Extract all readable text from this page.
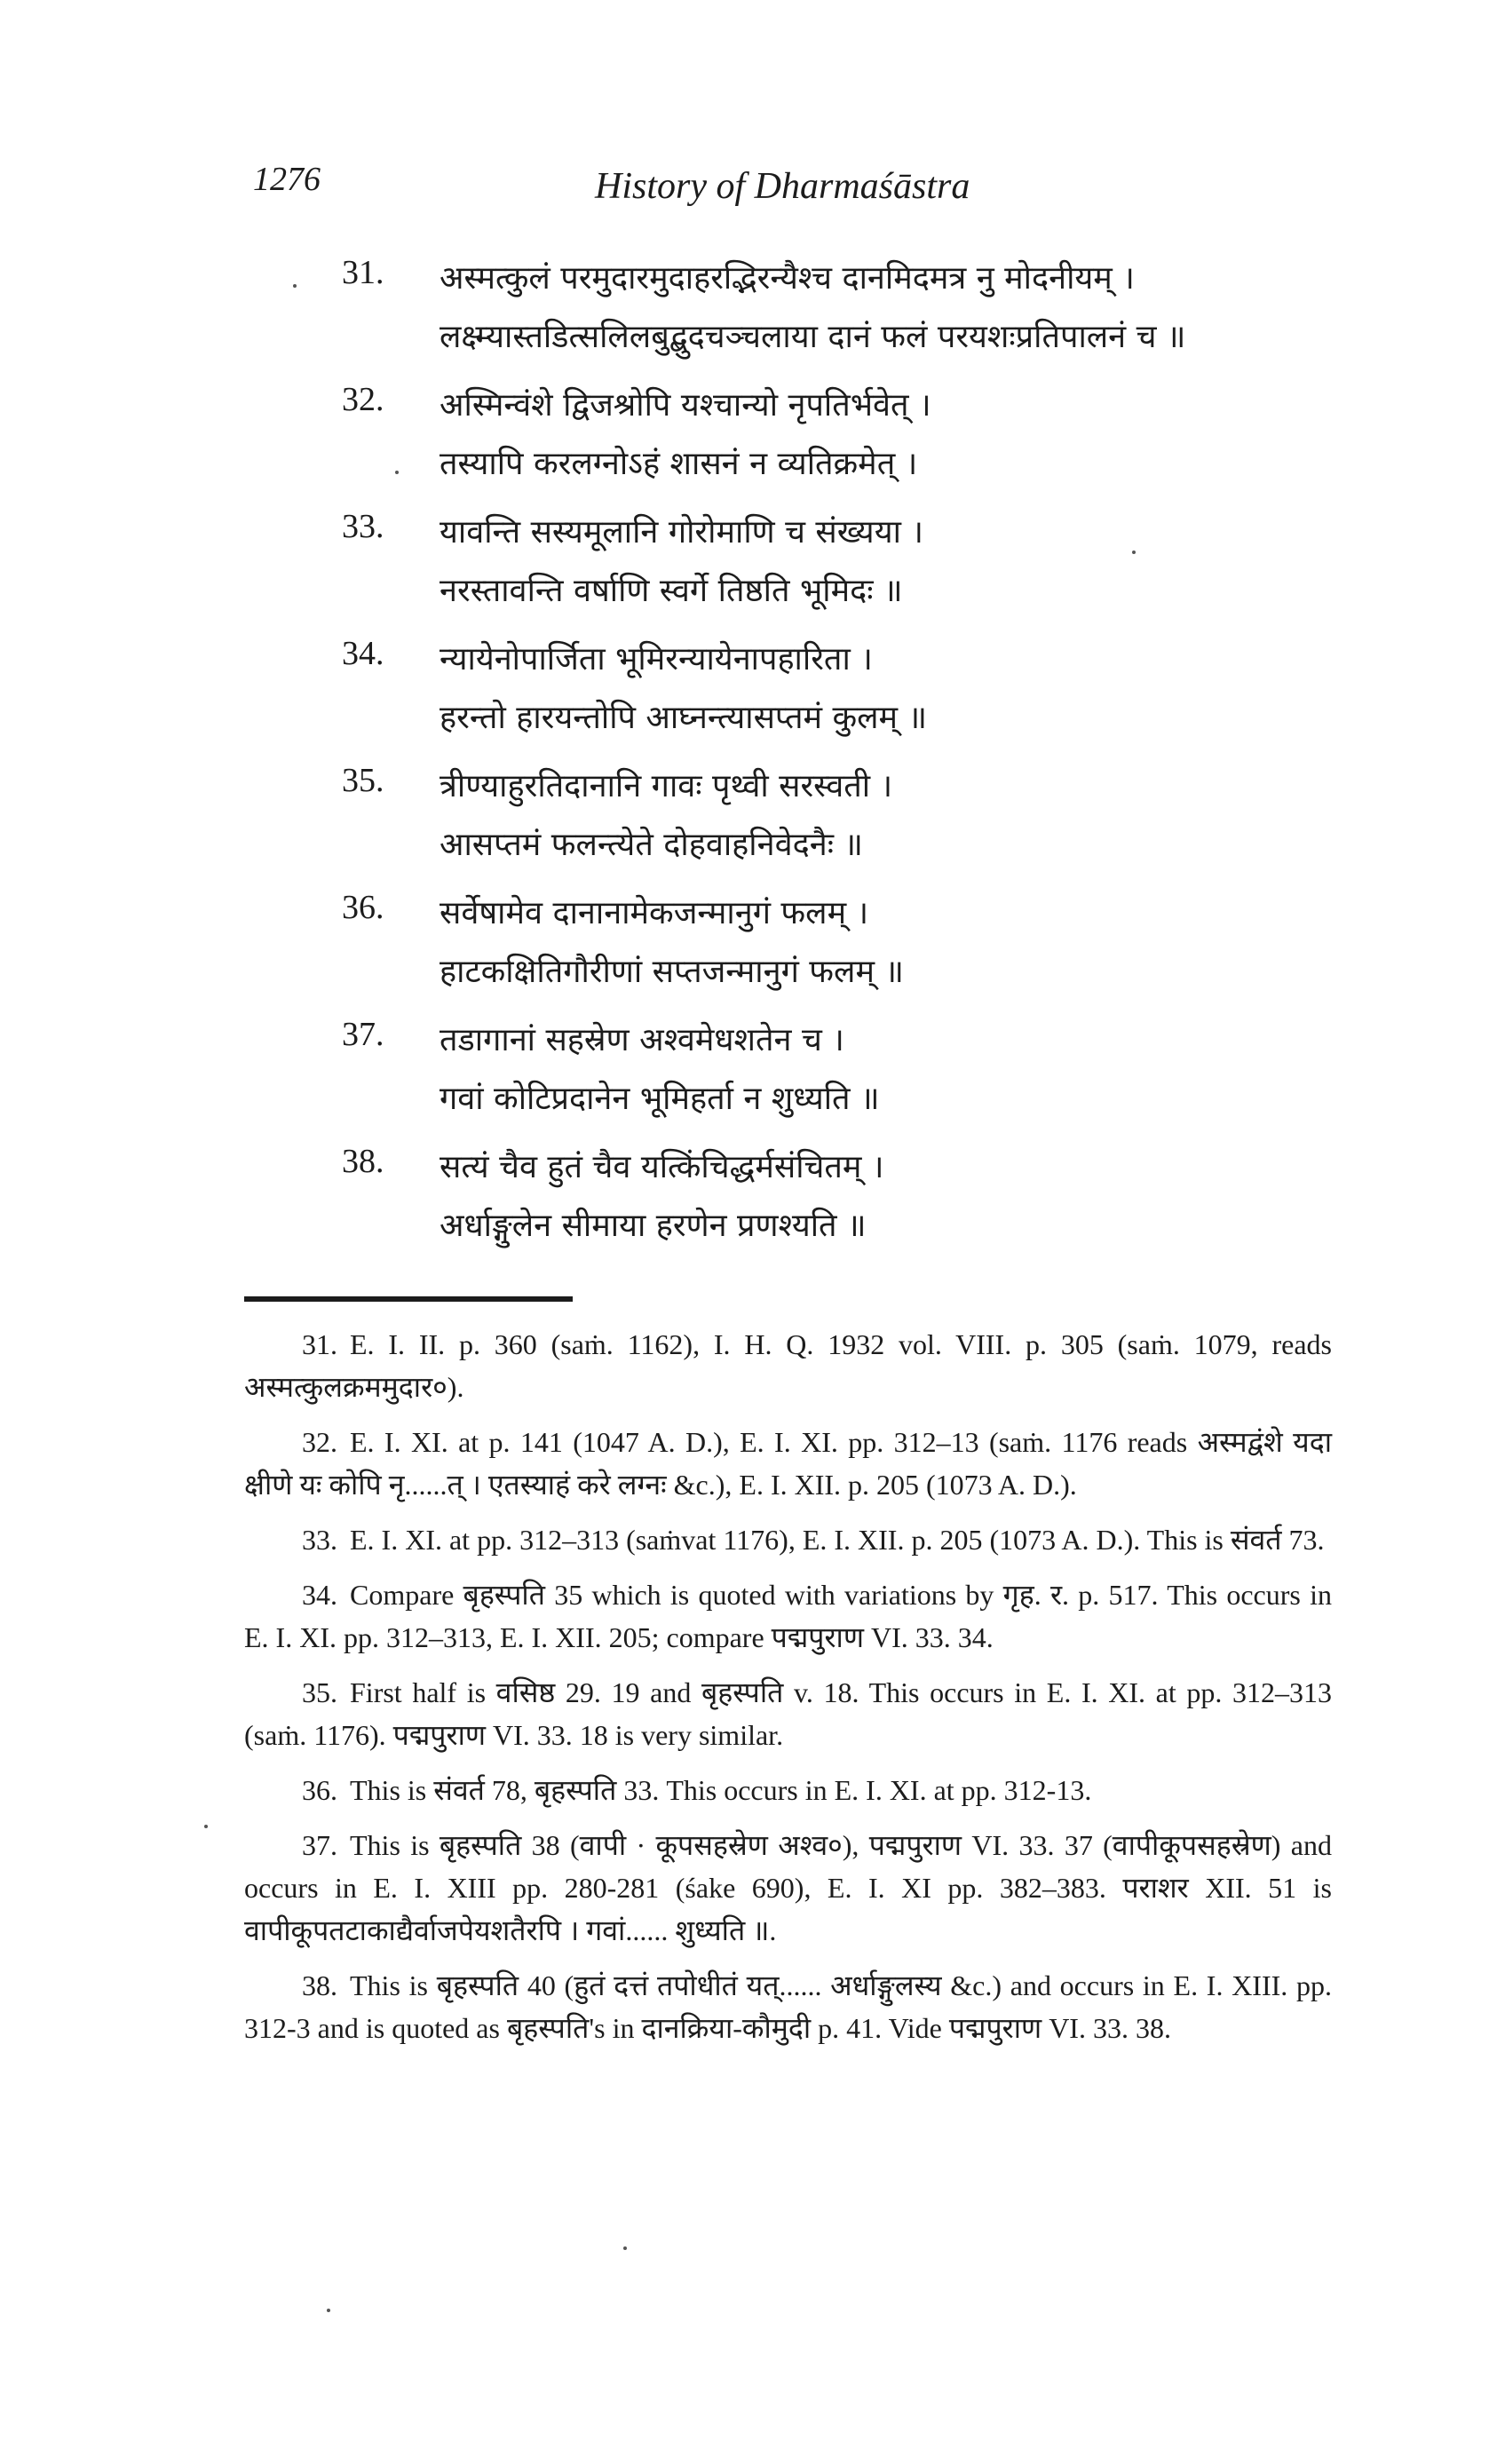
1276	History of Dharmaśāstra
31. अस्मत्कुलं परमुदारमुदाहरद्भिरन्यैश्च दानमिदमत्र नु मोदनीयम् ।
लक्ष्म्यास्तडित्सलिलबुद्बुदचञ्चलाया दानं फलं परयशःप्रतिपालनं च ॥
32. अस्मिन्वंशे द्विजश्रोपि यश्चान्यो नृपतिर्भवेत् ।
तस्यापि करलग्नोऽहं शासनं न व्यतिक्रमेत् ।
33. यावन्ति सस्यमूलानि गोरोमाणि च संख्यया ।
नरस्तावन्ति वर्षाणि स्वर्गे तिष्ठति भूमिदः ॥
34. न्यायेनोपार्जिता भूमिरन्यायेनापहारिता ।
हरन्तो हारयन्तोपि आघ्नन्त्यासप्तमं कुलम् ॥
35. त्रीण्याहुरतिदानानि गावः पृथ्वी सरस्वती ।
आसप्तमं फलन्त्येते दोहवाहनिवेदनैः ॥
36. सर्वेषामेव दानानामेकजन्मानुगं फलम् ।
हाटकक्षितिगौरीणां सप्तजन्मानुगं फलम् ॥
37. तडागानां सहस्रेण अश्वमेधशतेन च ।
गवां कोटिप्रदानेन भूमिहर्ता न शुध्यति ॥
38. सत्यं चैव हुतं चैव यत्किंचिद्धर्मसंचितम् ।
अर्धाङ्गुलेन सीमाया हरणेन प्रणश्यति ॥

31. E. I. II. p. 360 (saṁ. 1162), I. H. Q. 1932 vol. VIII. p. 305 (saṁ. 1079, reads अस्मत्कुलक्रममुदार०).

32. E. I. XI. at p. 141 (1047 A. D.), E. I. XI. pp. 312–13 (saṁ. 1176 reads अस्मद्वंशे यदा क्षीणे यः कोपि नृ......त् । एतस्याहं करे लग्नः &c.), E. I. XII. p. 205 (1073 A. D.).

33. E. I. XI. at pp. 312–313 (saṁvat 1176), E. I. XII. p. 205 (1073 A. D.). This is संवर्त 73.

34. Compare बृहस्पति 35 which is quoted with variations by गृह. र. p. 517. This occurs in E. I. XI. pp. 312–313, E. I. XII. 205; compare पद्मपुराण VI. 33. 34.

35. First half is वसिष्ठ 29. 19 and बृहस्पति v. 18. This occurs in E. I. XI. at pp. 312–313 (saṁ. 1176). पद्मपुराण VI. 33. 18 is very similar.

36. This is संवर्त 78, बृहस्पति 33. This occurs in E. I. XI. at pp. 312-13.

37. This is बृहस्पति 38 (वापी · कूपसहस्रेण अश्व०), पद्मपुराण VI. 33. 37 (वापीकूपसहस्रेण) and occurs in E. I. XIII pp. 280-281 (śake 690), E. I. XI pp. 382–383. पराशर XII. 51 is वापीकूपतटाकाद्यैर्वाजपेयशतैरपि । गवां...... शुध्यति ॥.

38. This is बृहस्पति 40 (हुतं दत्तं तपोधीतं यत्...... अर्धाङ्गुलस्य &c.) and occurs in E. I. XIII. pp. 312-3 and is quoted as बृहस्पति's in दानक्रिया-कौमुदी p. 41. Vide पद्मपुराण VI. 33. 38.
